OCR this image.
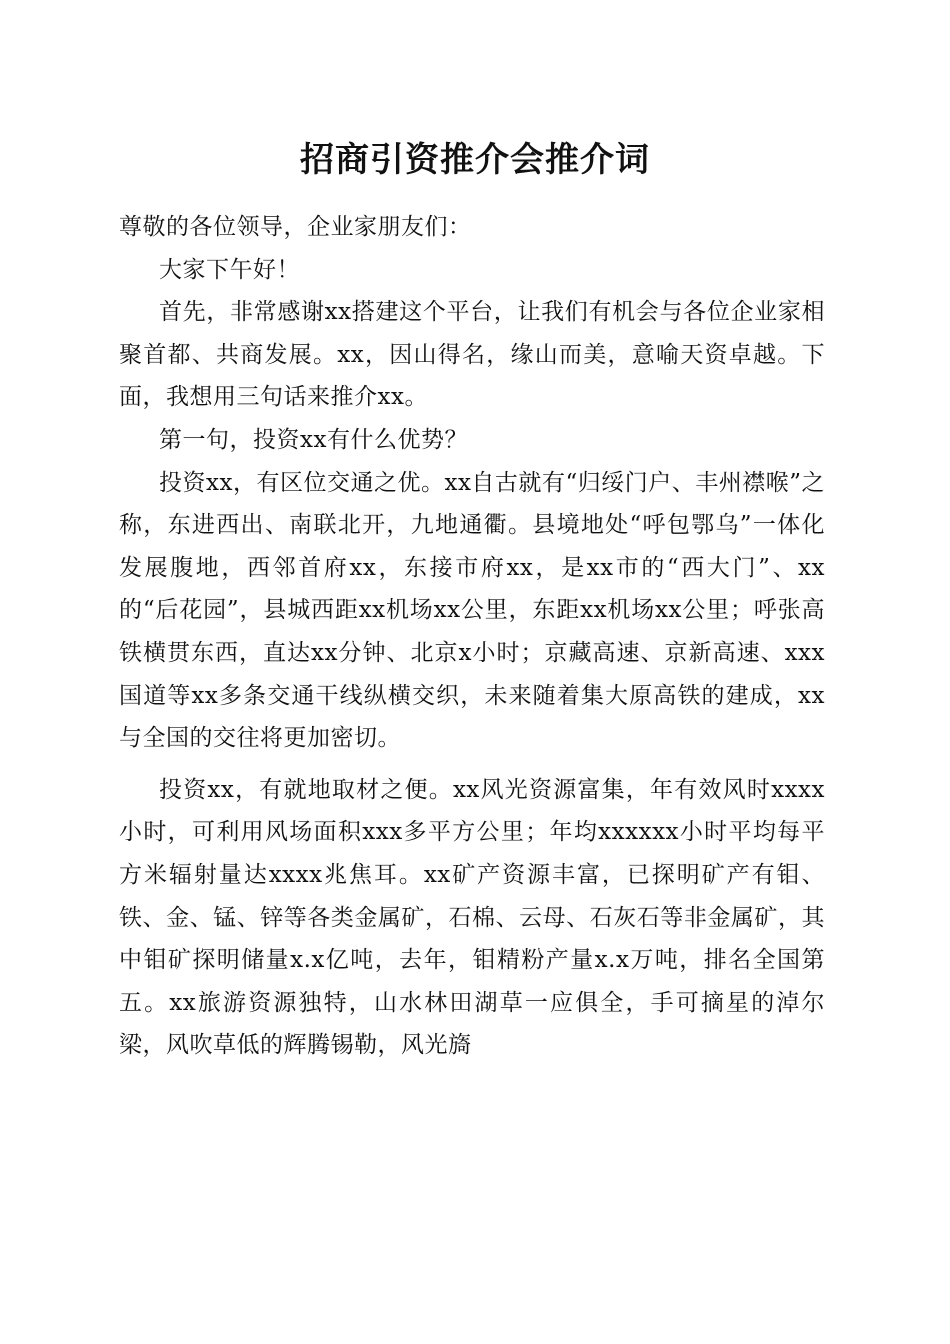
招商引资推介会推介词

尊敬的各位领导，企业家朋友们：

大家下午好！

首先，非常感谢xx搭建这个平台，让我们有机会与各位企业家相聚首都、共商发展。xx，因山得名，缘山而美，意喻天资卓越。下面，我想用三句话来推介xx。

第一句，投资xx有什么优势？

投资xx，有区位交通之优。xx自古就有“归绥门户、丰州襟喉”之称，东进西出、南联北开，九地通衢。县境地处“呼包鄂乌”一体化发展腹地，西邻首府xx，东接市府xx，是xx市的“西大门”、xx的“后花园”，县城西距xx机场xx公里，东距xx机场xx公里；呼张高铁横贯东西，直达xx分钟、北京x小时；京藏高速、京新高速、xxx国道等xx多条交通干线纵横交织，未来随着集大原高铁的建成，xx与全国的交往将更加密切。

投资xx，有就地取材之便。xx风光资源富集，年有效风时xxxx小时，可利用风场面积xxx多平方公里；年均xxxxxx小时平均每平方米辐射量达xxxx兆焦耳。xx矿产资源丰富，已探明矿产有钼、铁、金、锰、锌等各类金属矿，石棉、云母、石灰石等非金属矿，其中钼矿探明储量x.x亿吨，去年，钼精粉产量x.x万吨，排名全国第五。xx旅游资源独特，山水林田湖草一应俱全，手可摘星的淖尔梁，风吹草低的辉腾锡勒，风光旖
